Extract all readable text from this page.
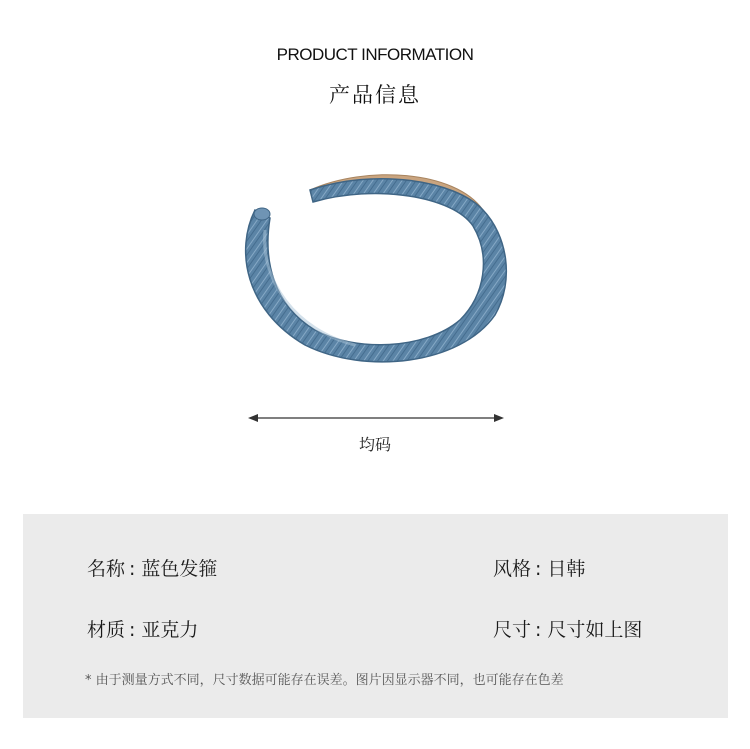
PRODUCT INFORMATION
产品信息
均码
名称 : 蓝色发箍	风格 : 日韩
材质 : 亚克力	尺寸 : 尺寸如上图
* 由于测量方式不同，尺寸数据可能存在误差。图片因显示器不同，也可能存在色差
